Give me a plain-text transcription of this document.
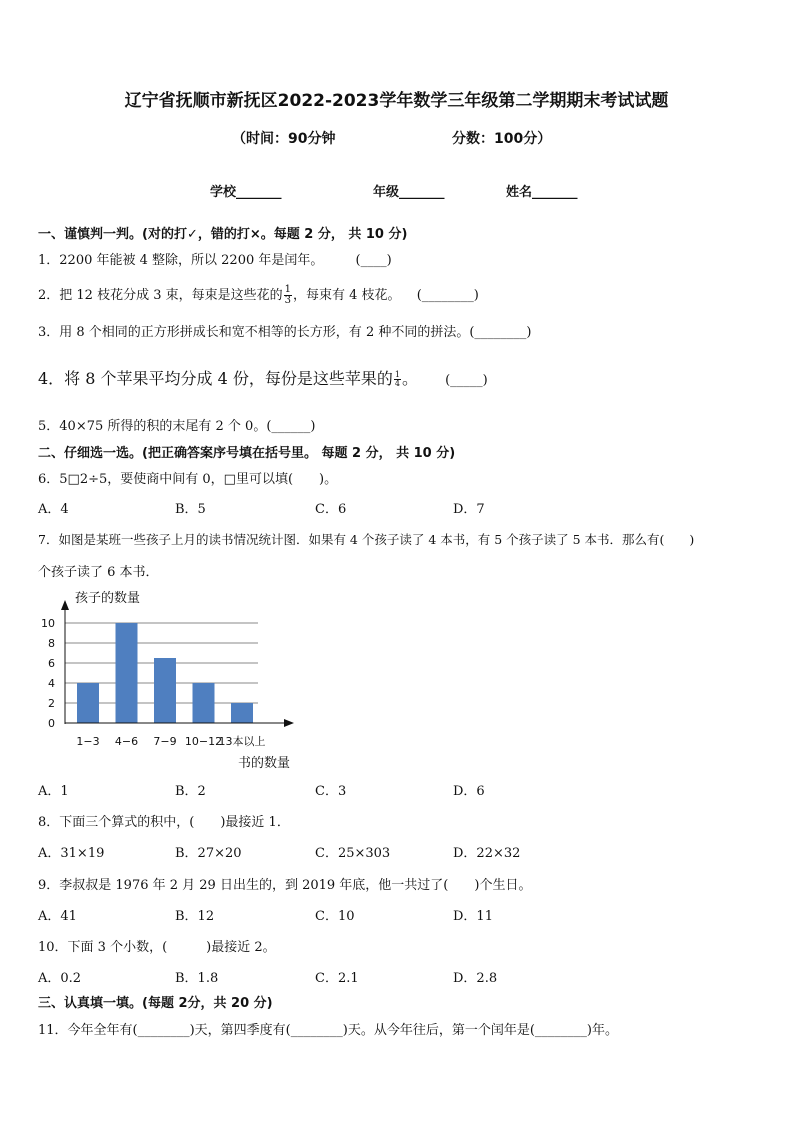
辽宁省抚顺市新抚区2022-2023学年数学三年级第二学期期末考试试题
（时间：90分钟	分数：100分）
学校_______	年级_______	姓名_______
一、谨慎判一判。(对的打✓，错的打×。每题 2 分， 共 10 分)
1．2200 年能被 4 整除，所以 2200 年是闰年。 (____)
2．把 12 枝花分成 3 束，每束是这些花的 $\frac{1}{3}$ ，每束有 4 枝花。 (________)
3．用 8 个相同的正方形拼成长和宽不相等的长方形，有 2 种不同的拼法。(________)
4．将 8 个苹果平均分成 4 份，每份是这些苹果的 $\frac{1}{4}$ 。 (_____)
5．40×75 所得的积的末尾有 2 个 0。(______)
二、仔细选一选。(把正确答案序号填在括号里。 每题 2 分， 共 10 分)
6．5□2÷5，要使商中间有 0，□里可以填(　　)。
A．4	B．5	C．6	D．7
7．如图是某班一些孩子上月的读书情况统计图．如果有 4 个孩子读了 4 本书，有 5 个孩子读了 5 本书．那么有(　　)
个孩子读了 6 本书．
孩子的数量
书的数量
0
2
4
6
8
10
1−3 4−6 7−9 10−12
13本以上
A．1	B．2	C．3	D．6
8．下面三个算式的积中，(　　)最接近 1．
A．31×19	B．27×20	C．25×303	D．22×32
9．李叔叔是 1976 年 2 月 29 日出生的，到 2019 年底，他一共过了(　　)个生日。
A．41	B．12	C．10	D．11
10．下面 3 个小数，(　　　)最接近 2。
A．0.2	B．1.8	C．2.1	D．2.8
三、认真填一填。(每题 2分，共 20 分)
11．今年全年有(________)天，第四季度有(________)天。从今年往后，第一个闰年是(________)年。
